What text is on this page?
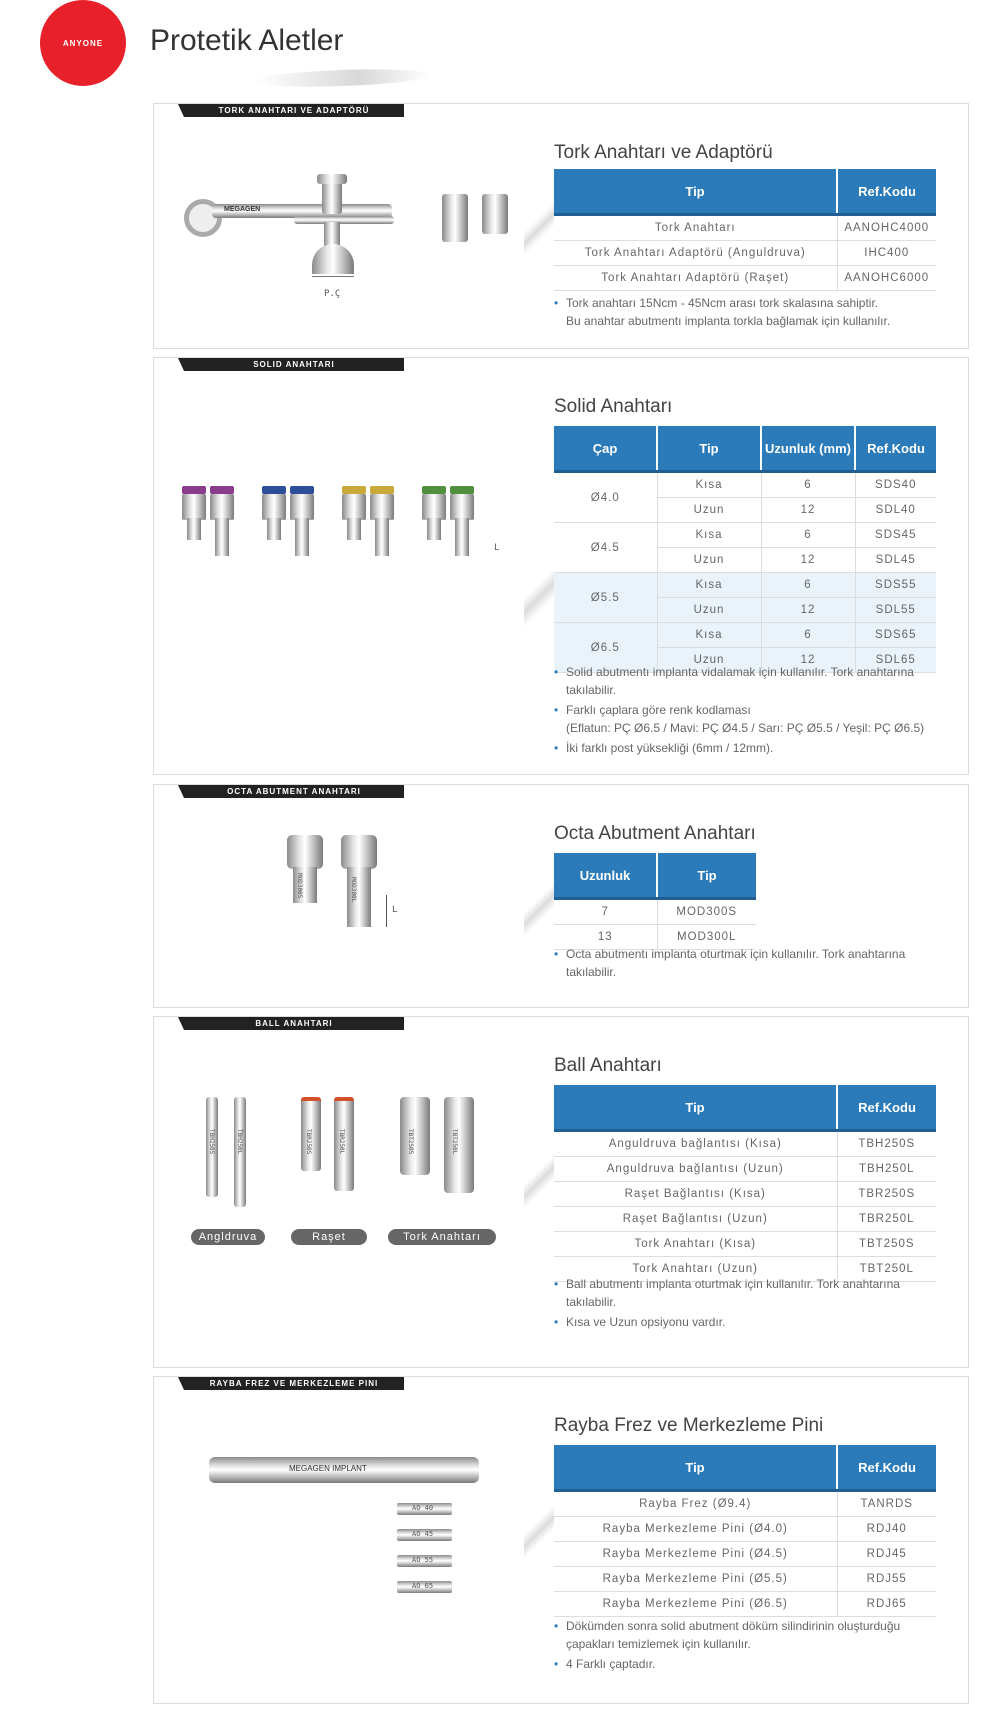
ANYONE Protetik Aletler
TORK ANAHTARI VE ADAPTÖRÜ
Tork Anahtarı ve Adaptörü
MEGAGEN
P.Ç
Tip	Ref.Kodu
Tork Anahtarı	AANOHC4000
Tork Anahtarı Adaptörü (Anguldruva)	IHC400
Tork Anahtarı Adaptörü (Raşet)	AANOHC6000
• Tork anahtarı 15Ncm - 45Ncm arası tork skalasına sahiptir.
Bu anahtar abutmentı implanta torkla bağlamak için kullanılır.
SOLID ANAHTARI
Solid Anahtarı
L
Çap	Tip	Uzunluk (mm)	Ref.Kodu
Ø4.0	Kısa	6	SDS40
	Uzun	12	SDL40
Ø4.5	Kısa	6	SDS45
	Uzun	12	SDL45
Ø5.5	Kısa	6	SDS55
	Uzun	12	SDL55
Ø6.5	Kısa	6	SDS65
	Uzun	12	SDL65
• Solid abutmentı implanta vidalamak için kullanılır. Tork anahtarına takılabilir.
• Farklı çaplara göre renk kodlaması
(Eflatun: PÇ Ø6.5 / Mavi: PÇ Ø4.5 / Sarı: PÇ Ø5.5 / Yeşil: PÇ Ø6.5)
• İki farklı post yüksekliği (6mm / 12mm).
OCTA ABUTMENT ANAHTARI
Octa Abutment Anahtarı
MOD300S	MOD300L
L
Uzunluk	Tip
7	MOD300S
13	MOD300L
• Octa abutmentı implanta oturtmak için kullanılır. Tork anahtarına takılabilir.
BALL ANAHTARI
Ball Anahtarı
TBH250S	TBH250L	TBR250S	TBR250L	TBT250S	TBT250L
Angldruva	Raşet	Tork Anahtarı
Tip	Ref.Kodu
Anguldruva bağlantısı (Kısa)	TBH250S
Anguldruva bağlantısı (Uzun)	TBH250L
Raşet Bağlantısı (Kısa)	TBR250S
Raşet Bağlantısı (Uzun)	TBR250L
Tork Anahtarı (Kısa)	TBT250S
Tork Anahtarı (Uzun)	TBT250L
• Ball abutmentı implanta oturtmak için kullanılır. Tork anahtarına takılabilir.
• Kısa ve Uzun opsiyonu vardır.
RAYBA FREZ VE MERKEZLEME PINI
Rayba Frez ve Merkezleme Pini
MEGAGEN IMPLANT
AO 40
AO 45
AO 55
AO 65
Tip	Ref.Kodu
Rayba Frez (Ø9.4)	TANRDS
Rayba Merkezleme Pini (Ø4.0)	RDJ40
Rayba Merkezleme Pini (Ø4.5)	RDJ45
Rayba Merkezleme Pini (Ø5.5)	RDJ55
Rayba Merkezleme Pini (Ø6.5)	RDJ65
• Dökümden sonra solid abutment döküm silindirinin oluşturduğu çapakları temizlemek için kullanılır.
• 4 Farklı çaptadır.
